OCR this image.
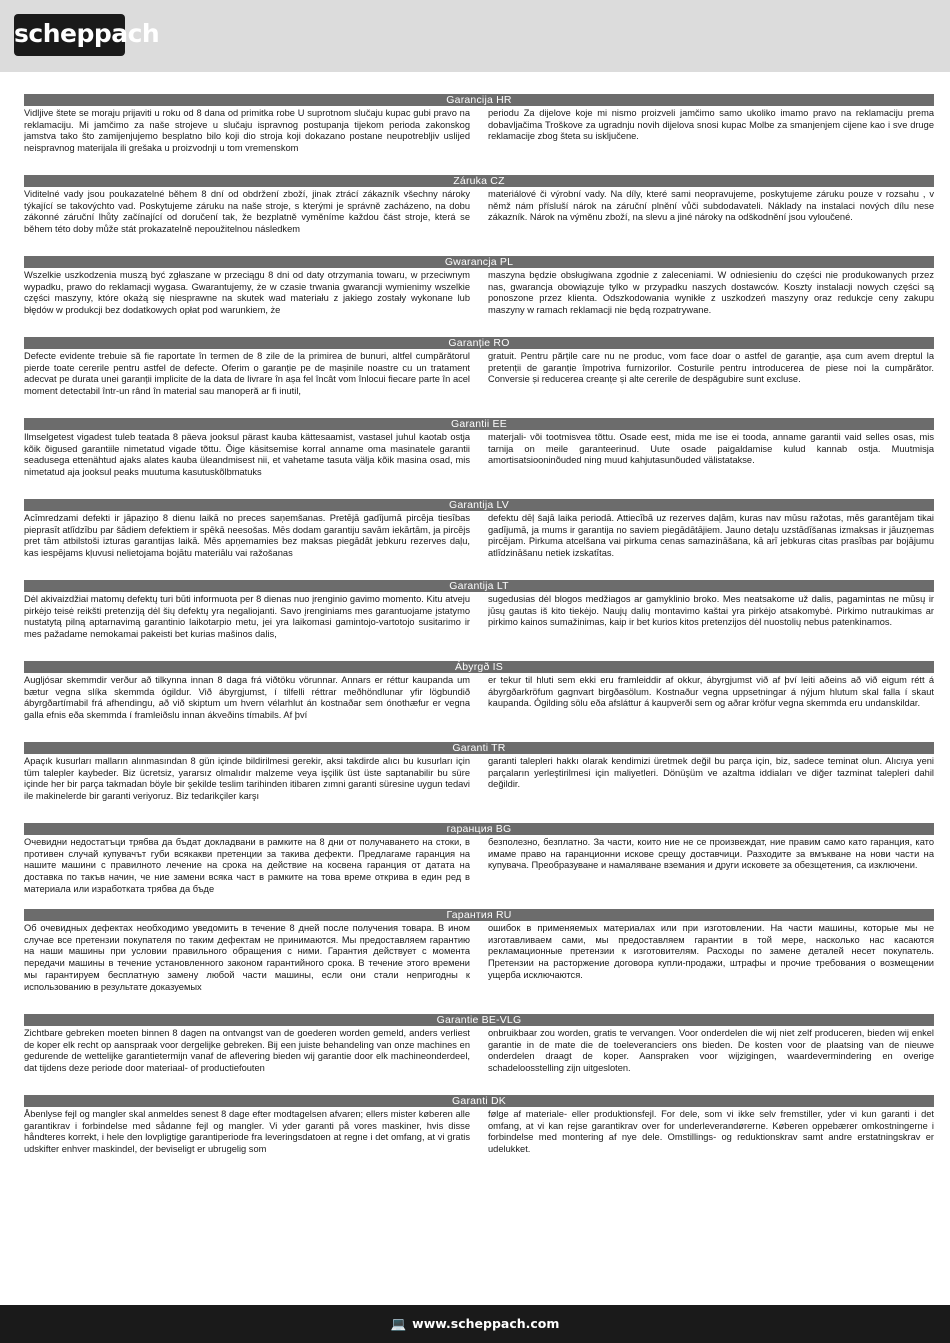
scheppach
Garancija HR
Vidljive štete se moraju prijaviti u roku od 8 dana od primitka robe U suprotnom slučaju kupac gubi pravo na reklamaciju. Mi jamčimo za naše strojeve u slučaju ispravnog postupanja tijekom perioda zakonskog jamstva tako što zamijenjujemo besplatno bilo koji dio stroja koji dokazano postane neupotrebljiv uslijed neispravnog materijala ili grešaka u proizvodnji u tom vremenskom
periodu Za dijelove koje mi nismo proizveli jamčimo samo ukoliko imamo pravo na reklamaciju prema dobavljačima Troškove za ugradnju novih dijelova snosi kupac Molbe za smanjenjem cijene kao i sve druge reklamacije zbog šteta su isključene.
Záruka CZ
Viditelné vady jsou poukazatelné během 8 dní od obdržení zboží, jinak ztrácí zákazník všechny nároky týkající se takovýchto vad. Poskytujeme záruku na naše stroje, s kterými je správně zacházeno, na dobu zákonné záruční lhůty začínající od doručení tak, že bezplatně vyměníme každou část stroje, která se během této doby může stát prokazatelně nepoužitelnou následkem
materiálové či výrobní vady. Na díly, které sami neopravujeme, poskytujeme záruku pouze v rozsahu , v němž nám přísluší nárok na záruční plnění vůči subdodavateli. Náklady na instalaci nových dílu nese zákazník. Nárok na výměnu zboží, na slevu a jiné nároky na odškodnění jsou vyloučené.
Gwarancja PL
Wszelkie uszkodzenia muszą być zgłaszane w przeciągu 8 dni od daty otrzymania towaru, w przeciwnym wypadku, prawo do reklamacji wygasa. Gwarantujemy, że w czasie trwania gwarancji wymienimy wszelkie części maszyny, które okażą się niesprawne na skutek wad materiału z jakiego zostały wykonane lub błędów w produkcji bez dodatkowych opłat pod warunkiem, że
maszyna będzie obsługiwana zgodnie z zaleceniami. W odniesieniu do części nie produkowanych przez nas, gwarancja obowiązuje tylko w przypadku naszych dostawców. Koszty instalacji nowych części są ponoszone przez klienta. Odszkodowania wynikłe z uszkodzeń maszyny oraz redukcje ceny zakupu maszyny w ramach reklamacji nie będą rozpatrywane.
Garanție RO
Defecte evidente trebuie să fie raportate în termen de 8 zile de la primirea de bunuri, altfel cumpărătorul pierde toate cererile pentru astfel de defecte. Oferim o garanție pe de mașinile noastre cu un tratament adecvat pe durata unei garanții implicite de la data de livrare în așa fel încât vom înlocui fiecare parte în acel moment detectabil într-un rând în material sau manoperă ar fi inutil,
gratuit. Pentru părțile care nu ne produc, vom face doar o astfel de garanție, așa cum avem dreptul la pretenții de garanție împotriva furnizorilor. Costurile pentru introducerea de piese noi la cumpărător. Conversie și reducerea creanțe și alte cererile de despăgubire sunt excluse.
Garantii EE
Ilmselgetest vigadest tuleb teatada 8 päeva jooksul pärast kauba kättesaamist, vastasel juhul kaotab ostja kõik õigused garantiile nimetatud vigade tõttu. Õige käsitsemise korral anname oma masinatele garantii seadusega ettenähtud ajaks alates kauba üleandmisest nii, et vahetame tasuta välja kõik masina osad, mis nimetatud aja jooksul peaks muutuma kasutuskõlbmatuks
materjali- või tootmisvea tõttu. Osade eest, mida me ise ei tooda, anname garantii vaid selles osas, mis tarnija on meile garanteerinud. Uute osade paigaldamise kulud kannab ostja. Muutmisja amortisatsiooninõuded ning muud kahjutasunõuded välistatakse.
Garantija LV
Acīmredzami defekti ir jāpaziņo 8 dienu laikā no preces saņemšanas. Pretējā gadījumā pircēja tiesības pieprasīt atlīdzību par šādiem defektiem ir spēkā neesošas. Mēs dodam garantiju savām iekārtām, ja pircējs pret tām atbilstoši izturas garantijas laikā. Mēs apņemamies bez maksas piegādāt jebkuru rezerves daļu, kas iespējams kļuvusi nelietojama bojātu materiālu vai ražošanas
defektu dēļ šajā laika periodā. Attiecībā uz rezerves daļām, kuras nav mūsu ražotas, mēs garantējam tikai gadījumā, ja mums ir garantija no saviem piegādātājiem. Jauno detaļu uzstādīšanas izmaksas ir jāuzņemas pircējam. Pirkuma atcelšana vai pirkuma cenas samazināšana, kā arī jebkuras citas prasības par bojājumu atlīdzināšanu netiek izskatītas.
Garantija LT
Dėl akivaizdžiai matomų defektų turi būti informuota per 8 dienas nuo įrenginio gavimo momento. Kitu atveju pirkėjo teisė reikšti pretenziją dėl šių defektų yra negaliojanti. Savo įrenginiams mes garantuojame įstatymo nustatytą pilną aptarnavimą garantinio laikotarpio metu, jei yra laikomasi gamintojo-vartotojo susitarimo ir mes pažadame nemokamai pakeisti bet kurias mašinos dalis,
sugedusias dėl blogos medžiagos ar gamyklinio broko. Mes neatsakome už dalis, pagamintas ne mūsų ir jūsų gautas iš kito tiekėjo. Naujų dalių montavimo kaštai yra pirkėjo atsakomybė. Pirkimo nutraukimas ar pirkimo kainos sumažinimas, kaip ir bet kurios kitos pretenzijos dėl nuostolių nebus patenkinamos.
Ábyrgð IS
Augljósar skemmdir verður að tilkynna innan 8 daga frá viðtöku vörunnar. Annars er réttur kaupanda um bætur vegna slíka skemmda ógildur. Við ábyrgjumst, í tilfelli réttrar meðhöndlunar yfir lögbundið ábyrgðartímabil frá afhendingu, að við skiptum um hvern vélarhlut án kostnaðar sem ónothæfur er vegna galla efnis eða skemmda í framleiðslu innan ákveðins tímabils. Af því
er tekur til hluti sem ekki eru framleiddir af okkur, ábyrgjumst við af því leiti aðeins að við eigum rétt á ábyrgðarkröfum gagnvart birgðasölum. Kostnaður vegna uppsetningar á nýjum hlutum skal falla í skaut kaupanda. Ógilding sölu eða afsláttur á kaupverði sem og aðrar kröfur vegna skemmda eru undanskildar.
Garanti TR
Apaçık kusurları malların alınmasından 8 gün içinde bildirilmesi gerekir, aksi takdirde alıcı bu kusurları için tüm talepler kaybeder. Biz ücretsiz, yararsız olmalıdır malzeme veya işçilik üst üste saptanabilir bu süre içinde her bir parça takmadan böyle bir şekilde teslim tarihinden itibaren zımni garanti süresine uygun tedavi ile makinelerde bir garanti veriyoruz. Biz tedarikçiler karşı
garanti talepleri hakkı olarak kendimizi üretmek değil bu parça için, biz, sadece teminat olun. Alıcıya yeni parçaların yerleştirilmesi için maliyetleri. Dönüşüm ve azaltma iddiaları ve diğer tazminat talepleri dahil değildir.
гаранция BG
Очевидни недостатъци трябва да бъдат докладвани в рамките на 8 дни от получаването на стоки, в противен случай купувачът губи всякакви претенции за такива дефекти. Предлагаме гаранция на нашите машини с правилното лечение на срока на действие на косвена гаранция от датата на доставка по такъв начин, че ние замени всяка част в рамките на това време открива в един ред в материала или изработката трябва да бъде
безполезно, безплатно. За части, които ние не се произвеждат, ние правим само като гаранция, като имаме право на гаранционни искове срещу доставчици. Разходите за вмъкване на нови части на купувача. Преобразуване и намаляване вземания и други исковете за обезщетения, са изключени.
Гарантия RU
Об очевидных дефектах необходимо уведомить в течение 8 дней после получения товара. В ином случае все претензии покупателя по таким дефектам не принимаются. Мы предоставляем гарантию на наши машины при условии правильного обращения с ними. Гарантия действует с момента передачи машины в течение установленного законом гарантийного срока. В течение этого времени мы гарантируем бесплатную замену любой части машины, если они стали непригодны к использованию в результате доказуемых
ошибок в применяемых материалах или при изготовлении. На части машины, которые мы не изготавливаем сами, мы предоставляем гарантии в той мере, насколько нас касаются рекламационные претензии к изготовителям. Расходы по замене деталей несет покупатель. Претензии на расторжение договора купли-продажи, штрафы и прочие требования о возмещении ущерба исключаются.
Garantie BE-VLG
Zichtbare gebreken moeten binnen 8 dagen na ontvangst van de goederen worden gemeld, anders verliest de koper elk recht op aanspraak voor dergelijke gebreken. Bij een juiste behandeling van onze machines en gedurende de wettelijke garantietermijn vanaf de aflevering bieden wij garantie door elk machineonderdeel, dat tijdens deze periode door materiaal- of productiefouten
onbruikbaar zou worden, gratis te vervangen. Voor onderdelen die wij niet zelf produceren, bieden wij enkel garantie in de mate die de toeleveranciers ons bieden. De kosten voor de plaatsing van de nieuwe onderdelen draagt de koper. Aanspraken voor wijzigingen, waardevermindering en overige schadeloosstelling zijn uitgesloten.
Garanti DK
Åbenlyse fejl og mangler skal anmeldes senest 8 dage efter modtagelsen afvaren; ellers mister køberen alle garantikrav i forbindelse med sådanne fejl og mangler. Vi yder garanti på vores maskiner, hvis disse håndteres korrekt, i hele den lovpligtige garantiperiode fra leveringsdatoen at regne i det omfang, at vi gratis udskifter enhver maskindel, der beviseligt er ubrugelig som
følge af materiale- eller produktionsfejl. For dele, som vi ikke selv fremstiller, yder vi kun garanti i det omfang, at vi kan rejse garantikrav over for underleverandørerne. Køberen oppebærer omkostningerne i forbindelse med montering af nye dele. Omstillings- og reduktionskrav samt andre erstatningskrav er udelukket.
💻 www.scheppach.com
